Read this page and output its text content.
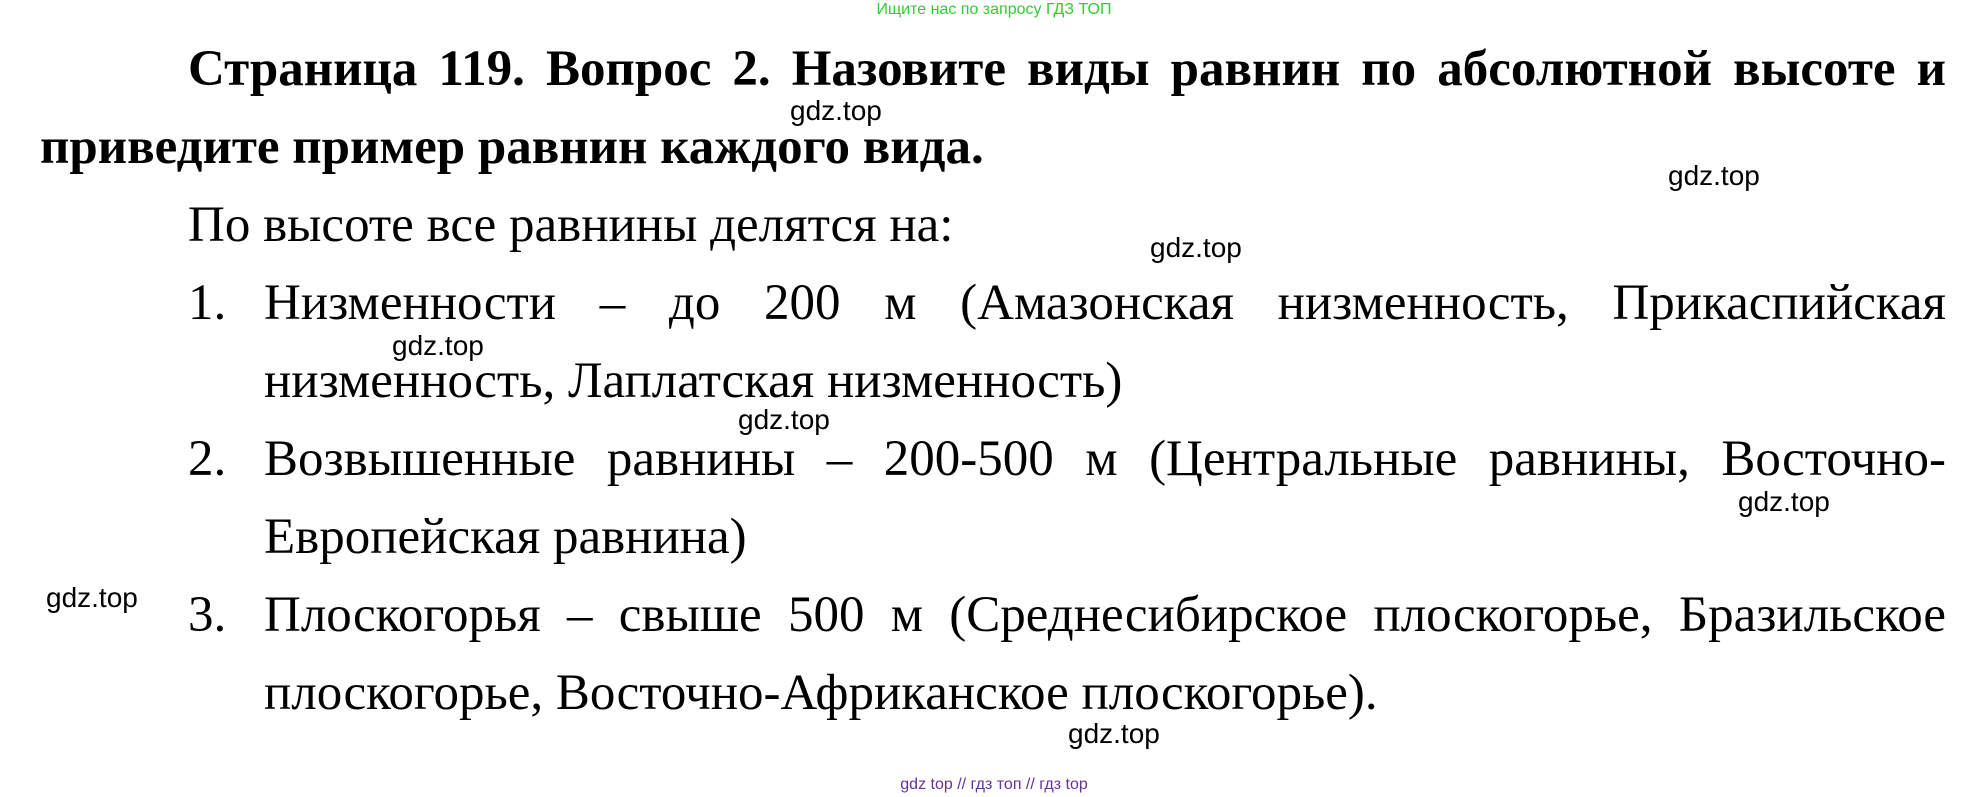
Ищите нас по запросу ГДЗ ТОП

Страница 119. Вопрос 2. Назовите виды равнин по абсолютной высоте и приведите пример равнин каждого вида.

По высоте все равнины делятся на:

1. Низменности – до 200 м (Амазонская низменность, Прикаспийская низменность, Лаплатская низменность)
2. Возвышенные равнины – 200-500 м (Центральные равнины, Восточно-Европейская равнина)
3. Плоскогорья – свыше 500 м (Среднесибирское плоскогорье, Бразильское плоскогорье, Восточно-Африканское плоскогорье).
gdz.top
gdz.top
gdz.top
gdz.top
gdz.top
gdz.top
gdz.top
gdz.top
gdz top // гдз топ // гдз top
